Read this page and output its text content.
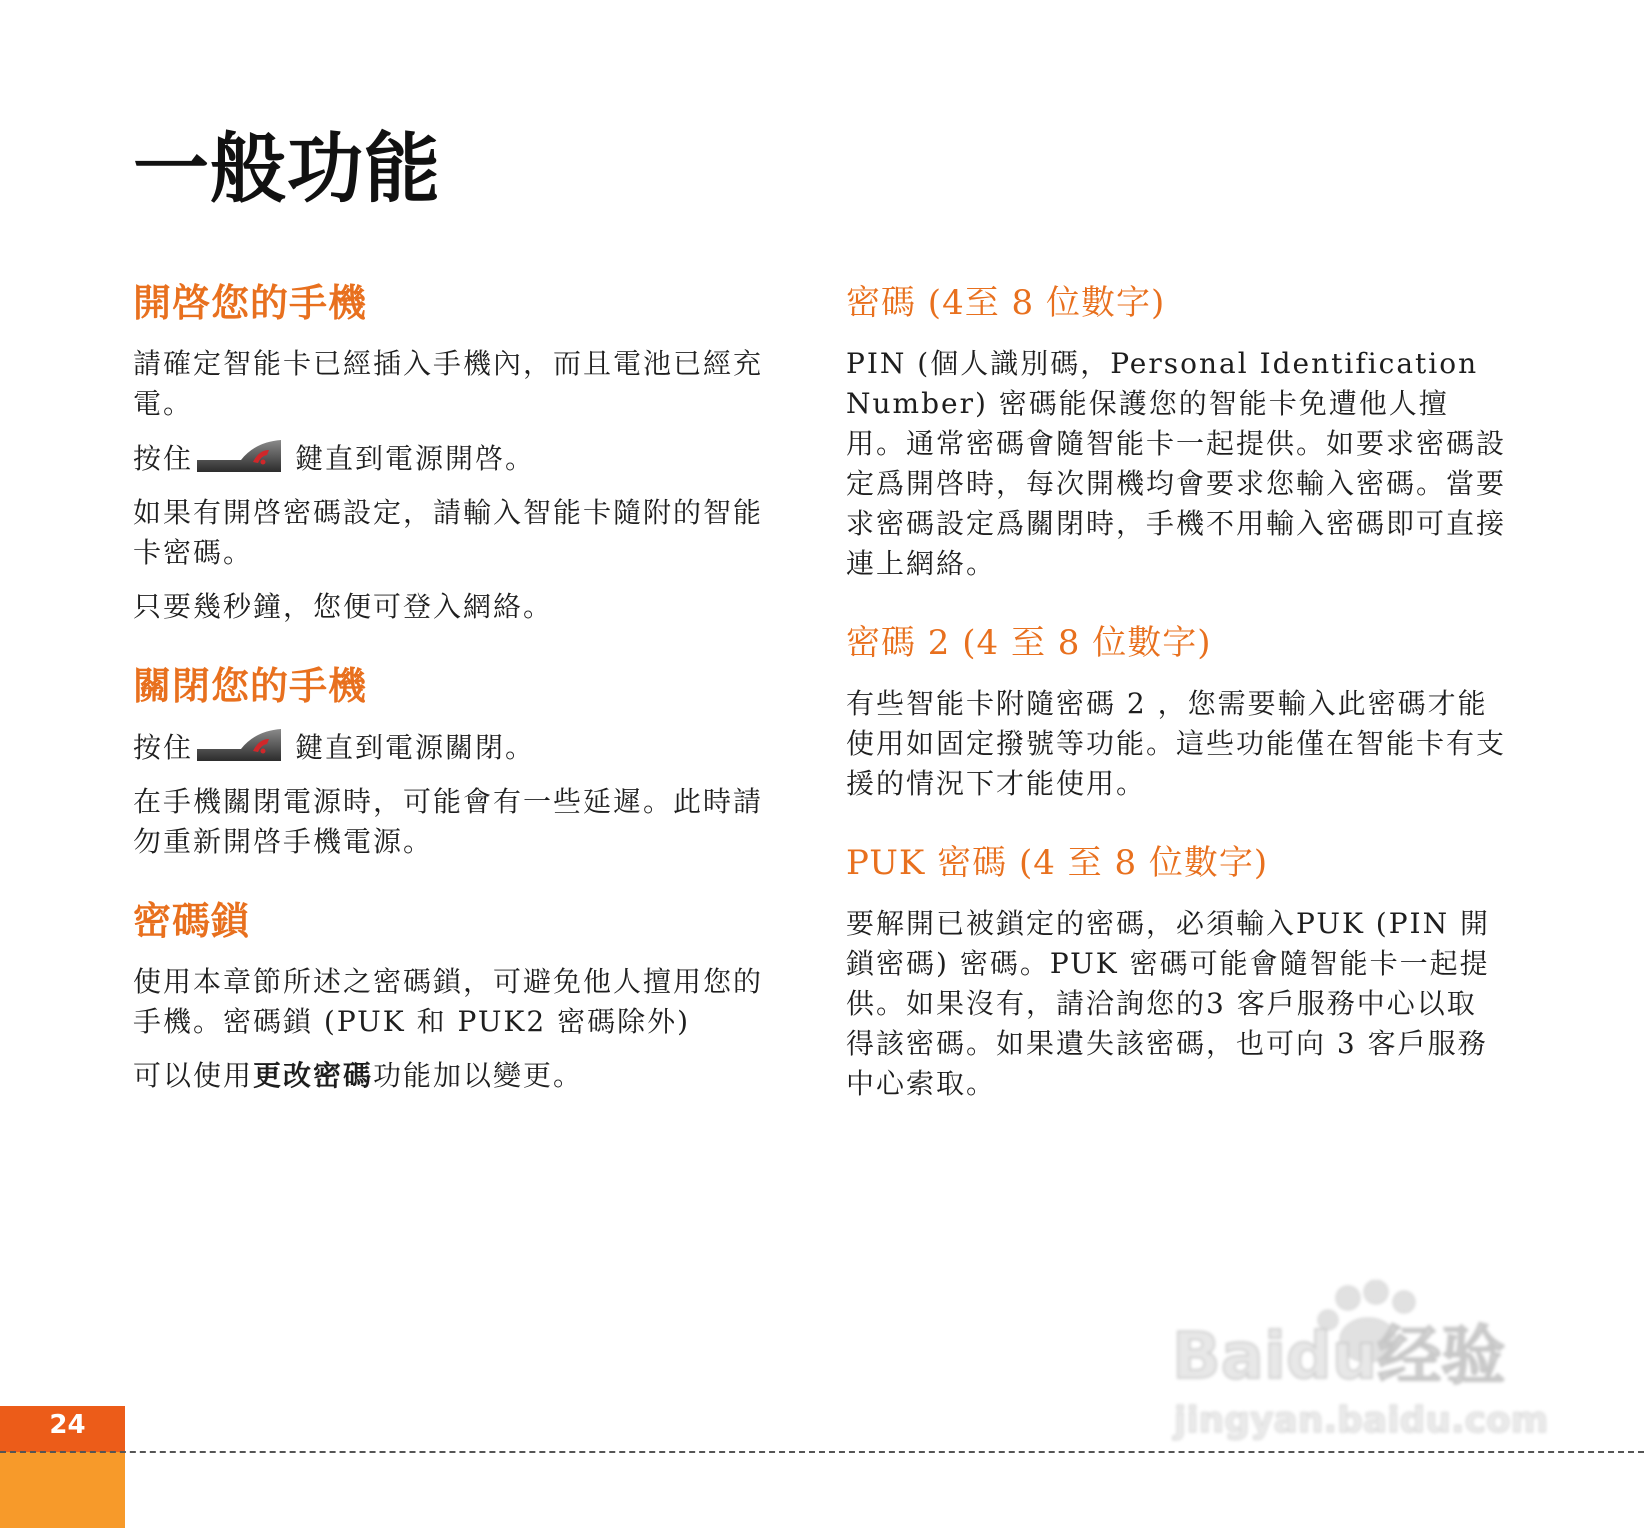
一般功能
開啓您的手機

請確定智能卡已經插入手機內，而且電池已經充電。

按住	鍵直到電源開啓。

如果有開啓密碼設定，請輸入智能卡隨附的智能卡密碼。

只要幾秒鐘，您便可登入網絡。

關閉您的手機

按住	鍵直到電源關閉。

在手機關閉電源時，可能會有一些延遲。此時請勿重新開啓手機電源。

密碼鎖

使用本章節所述之密碼鎖，可避免他人擅用您的手機。密碼鎖 (PUK 和 PUK2 密碼除外)

可以使用更改密碼功能加以變更。

密碼 (4至 8 位數字)

PIN (個人識別碼，Personal Identification Number) 密碼能保護您的智能卡免遭他人擅用。通常密碼會隨智能卡一起提供。如要求密碼設定爲開啓時，每次開機均會要求您輸入密碼。當要求密碼設定爲關閉時，手機不用輸入密碼即可直接連上網絡。

密碼 2 (4 至 8 位數字)

有些智能卡附隨密碼 2 ，您需要輸入此密碼才能使用如固定撥號等功能。這些功能僅在智能卡有支援的情況下才能使用。

PUK 密碼 (4 至 8 位數字)

要解開已被鎖定的密碼，必須輸入PUK (PIN 開鎖密碼) 密碼。PUK 密碼可能會隨智能卡一起提供。如果沒有，請洽詢您的3 客戶服務中心以取得該密碼。如果遺失該密碼，也可向 3 客戶服務中心索取。

Baidu经验
jingyan.baidu.com
24
